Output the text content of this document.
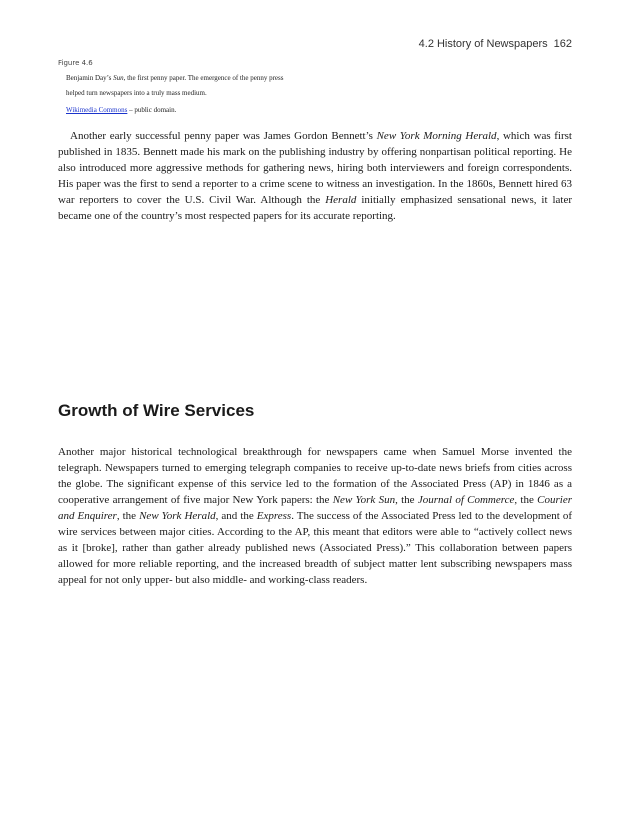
4.2 History of Newspapers 162

Figure 4.6

Benjamin Day’s Sun, the first penny paper. The emergence of the penny press
helped turn newspapers into a truly mass medium.

Wikimedia Commons – public domain.

Another early successful penny paper was James Gordon Bennett’s New York Morning Herald, which was first published in 1835. Bennett made his mark on the publishing industry by offering nonpartisan political reporting. He also introduced more aggressive methods for gathering news, hiring both interviewers and foreign correspondents. His paper was the first to send a reporter to a crime scene to witness an investigation. In the 1860s, Bennett hired 63 war reporters to cover the U.S. Civil War. Although the Herald initially emphasized sensational news, it later became one of the country’s most respected papers for its accurate reporting.

Growth of Wire Services

Another major historical technological breakthrough for newspapers came when Samuel Morse invented the telegraph. Newspapers turned to emerging telegraph companies to receive up-to-date news briefs from cities across the globe. The significant expense of this service led to the formation of the Associated Press (AP) in 1846 as a cooperative arrangement of five major New York papers: the New York Sun, the Journal of Commerce, the Courier and Enquirer, the New York Herald, and the Express. The success of the Associated Press led to the development of wire services between major cities. According to the AP, this meant that editors were able to “actively collect news as it [broke], rather than gather already published news (Associated Press).” This collaboration between papers allowed for more reliable reporting, and the increased breadth of subject matter lent subscribing newspapers mass appeal for not only upper- but also middle- and working-class readers.
